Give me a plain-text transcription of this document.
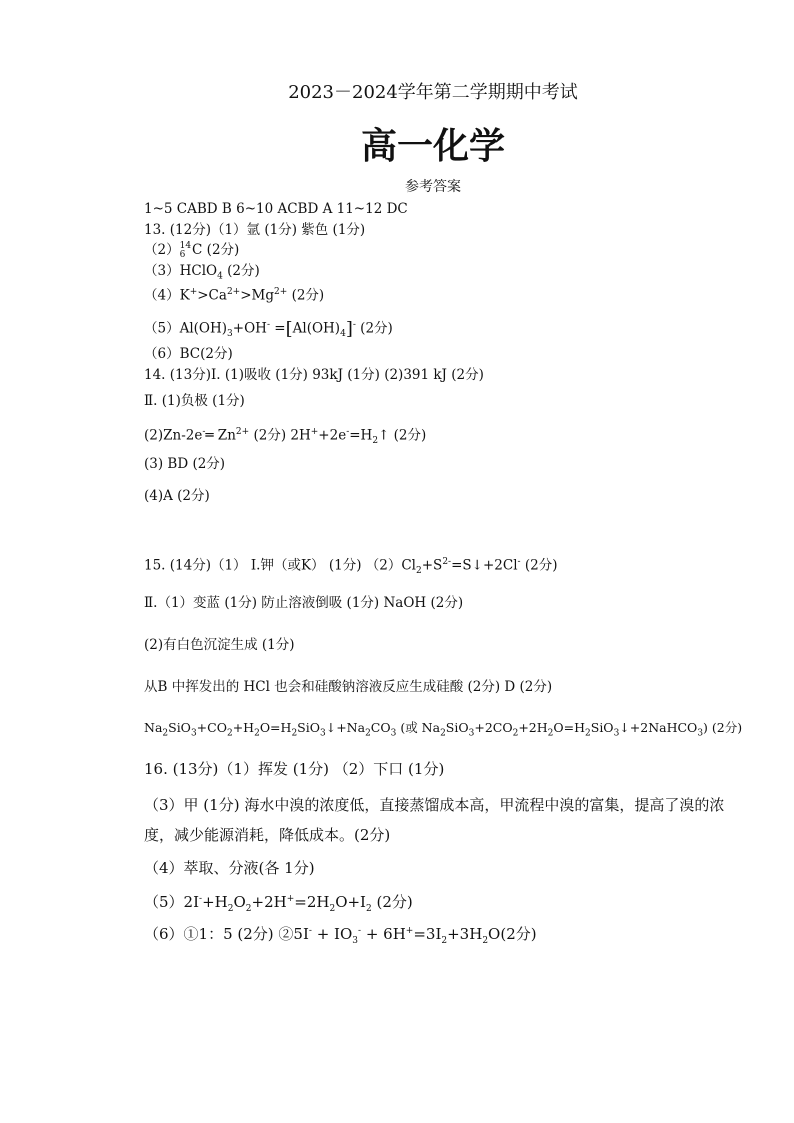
2023－2024学年第二学期期中考试
高一化学
参考答案
1~5 CABD B 6~10 ACBD A 11~12 DC
13. (12分)（1）氩 (1分) 紫色 (1分)
（2） 14
6 C (2分)
（3）HClO$_4$ (2分)
$(4)K^+>Ca^{2+}>Mg^{2+}$ (2分)
$(5)Al(OH)_3+OH^- =[Al(OH)_4]^-$ (2分)
（6）BC(2分)
14. (13分)Ⅰ. (1)吸收 (1分) 93kJ (1分) (2)391 kJ (2分)
Ⅱ. (1)负极 (1分)
(2)Zn-2e-═ $Zn^{2+}$ (2分) $2H^++2e^-=H_2↑$ (2分)
(3) BD (2分)
(4)A (2分)
15. (14分)（1） Ⅰ.钾（或K） (1分) $(2)Cl_2+S^{2-}=S↓+2Cl^-$ (2分)
Ⅱ.（1）变蓝 (1分) 防止溶液倒吸 (1分) NaOH (2分)
(2)有白色沉淀生成 (1分)
从B 中挥发出的 HCl 也会和硅酸钠溶液反应生成硅酸 (2分) D (2分)
$Na_2SiO_3+CO_2+H_2O=H_2SiO_3↓+Na_2CO_3$ (或 $Na_2SiO_3+2CO_2+2H_2O=H_2SiO_3↓+2NaHCO_3$) (2分)
16. (13分)（1）挥发 (1分) （2）下口 (1分)
（3）甲 (1分) 海水中溴的浓度低，直接蒸馏成本高，甲流程中溴的富集，提高了溴的浓度，减少能源消耗，降低成本。(2分)
（4）萃取、分液(各 1分)
$(5)2I^-+H_2O_2+2H^+=2H_2O+I_2$ (2分)
（6）①1：5 (2分) ②5I- + $IO_3^- + 6H^+=3I_2+3H_2O(2$分)
